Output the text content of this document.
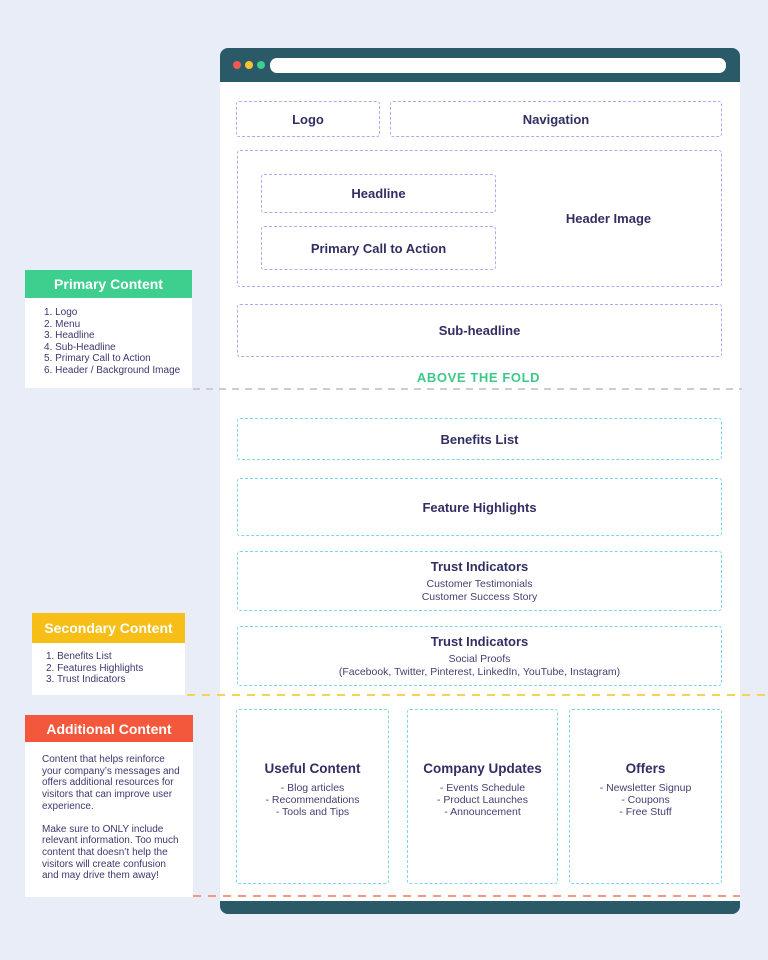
Primary Content
1. Logo
2. Menu
3. Headline
4. Sub-Headline
5. Primary Call to Action
6. Header / Background Image
Secondary Content
1. Benefits List
2. Features Highlights
3. Trust Indicators
Additional Content

Content that helps reinforce your company’s messages and offers additional resources for visitors that can improve user experience.

Make sure to ONLY include relevant information. Too much content that doesn’t help the visitors will create confusion and may drive them away!

Logo	Navigation
Headline
Primary Call to Action
Header Image
Sub-headline
ABOVE THE FOLD
Benefits List
Feature Highlights
Trust Indicators
Customer Testimonials
Customer Success Story
Trust Indicators
Social Proofs
(Facebook, Twitter, Pinterest, LinkedIn, YouTube, Instagram)
Useful Content
- Blog articles
- Recommendations
- Tools and Tips
Company Updates
- Events Schedule
- Product Launches
- Announcement
Offers
- Newsletter Signup
- Coupons
- Free Stuff
